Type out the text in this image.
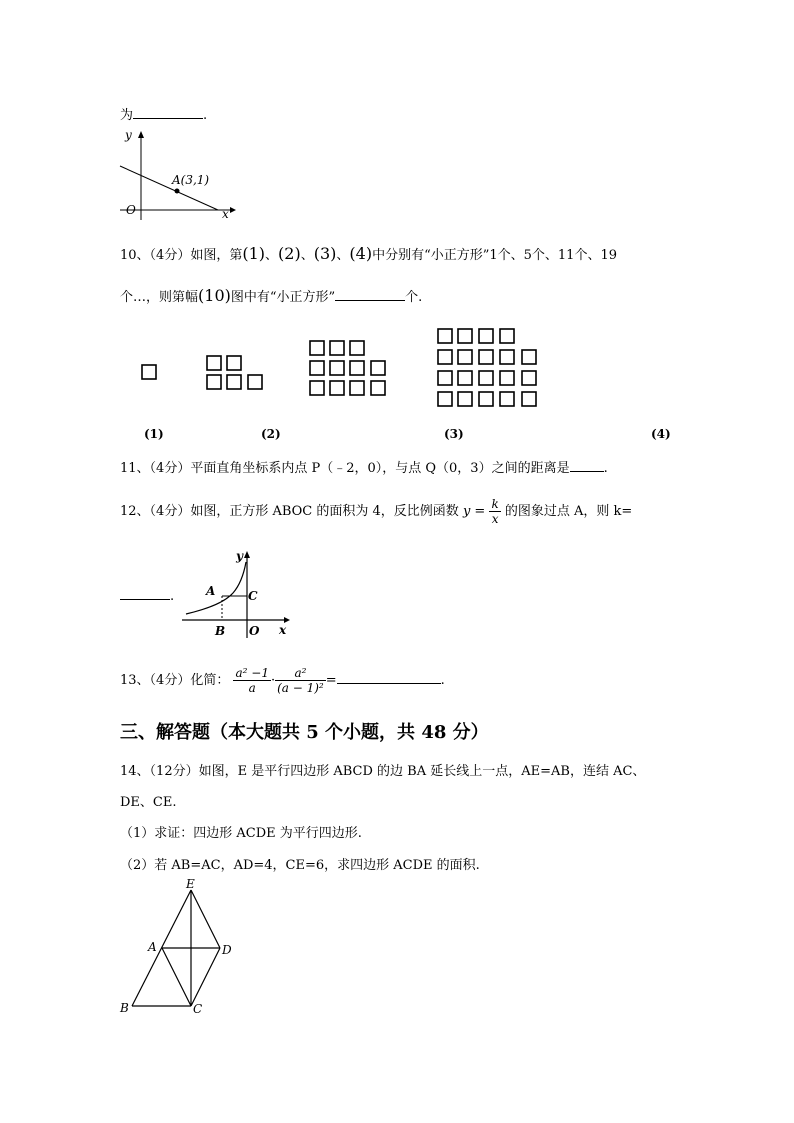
为	.
A(3,1)
y
x
O
10、（4分）如图，第(1)、(2)、(3)、(4)中分别有“小正方形”1个、5个、11个、19
个…，则第幅(10)图中有“小正方形”	个.
(1)	(2)	(3)	(4)
11、（4分）平面直角坐标系内点 P（﹣2，0），与点 Q（0，3）之间的距离是	.
12、（4分）如图，正方形 ABOC 的面积为 4，反比例函数 $y = \frac{k}{x}$ 的图象过点 A，则 k=
.
y
x
A	C
B O
13、（4分）化简： $\frac{\text{a² −1}}{a} \cdot \frac{\text{a²}}{\text{(a − 1)²}}$ =	.
三、解答题（本大题共 5 个小题，共 48 分）
14、（12分）如图，E 是平行四边形 ABCD 的边 BA 延长线上一点，AE=AB，连结 AC、
DE、CE.
（1）求证：四边形 ACDE 为平行四边形.
（2）若 AB=AC，AD=4，CE=6，求四边形 ACDE 的面积.
E
A	D
B	C
